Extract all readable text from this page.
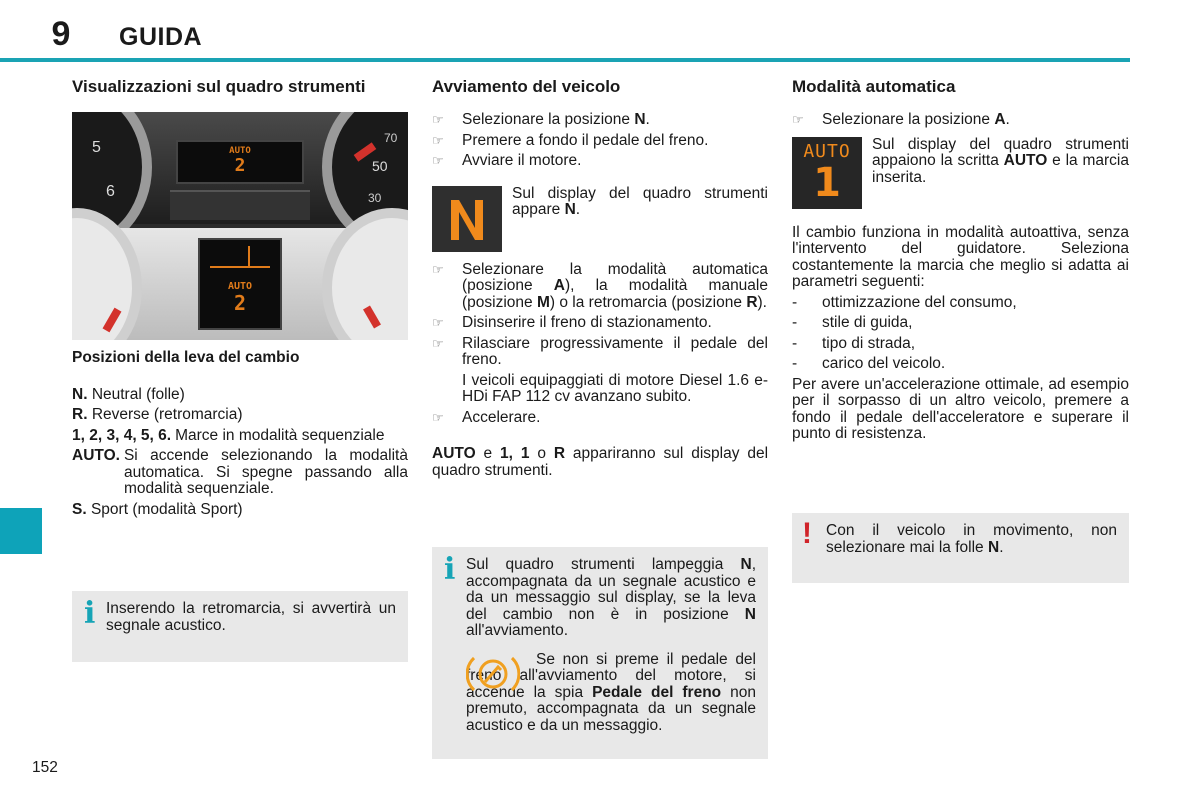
9	GUIDA
152
Visualizzazioni sul quadro strumenti
5
6
70
50
30
AUTO
2
AUTO
2
Posizioni della leva del cambio
N. Neutral (folle)
R. Reverse (retromarcia)
1, 2, 3, 4, 5, 6. Marce in modalità sequenziale
AUTO. Si accende selezionando la modalità automatica. Si spegne passando alla modalità sequenziale.
S. Sport (modalità Sport)
i Inserendo la retromarcia, si avvertirà un segnale acustico.
Avviamento del veicolo
☞ Selezionare la posizione N.
☞ Premere a fondo il pedale del freno.
☞ Avviare il motore.
Sul display del quadro strumenti appare N.
☞ Selezionare la modalità automatica (posizione A), la modalità manuale (posizione M) o la retromarcia (posizione R).
☞ Disinserire il freno di stazionamento.
☞ Rilasciare progressivamente il pedale del freno.
I veicoli equipaggiati di motore Diesel 1.6 e-HDi FAP 112 cv avanzano subito.
☞ Accelerare.
AUTO e 1, 1 o R appariranno sul display del quadro strumenti.
i Sul quadro strumenti lampeggia N, accompagnata da un segnale acustico e da un messaggio sul display, se la leva del cambio non è in posizione N all'avviamento.
Se non si preme il pedale del freno all'avviamento del motore, si accende la spia Pedale del freno non premuto, accompagnata da un segnale acustico e da un messaggio.
Modalità automatica
☞ Selezionare la posizione A.
AUTO
1
Sul display del quadro strumenti appaiono la scritta AUTO e la marcia inserita.
Il cambio funziona in modalità autoattiva, senza l'intervento del guidatore. Seleziona costantemente la marcia che meglio si adatta ai parametri seguenti:
- ottimizzazione del consumo,
- stile di guida,
- tipo di strada,
- carico del veicolo.
Per avere un'accelerazione ottimale, ad esempio per il sorpasso di un altro veicolo, premere a fondo il pedale dell'acceleratore e superare il punto di resistenza.
! Con il veicolo in movimento, non selezionare mai la folle N.
